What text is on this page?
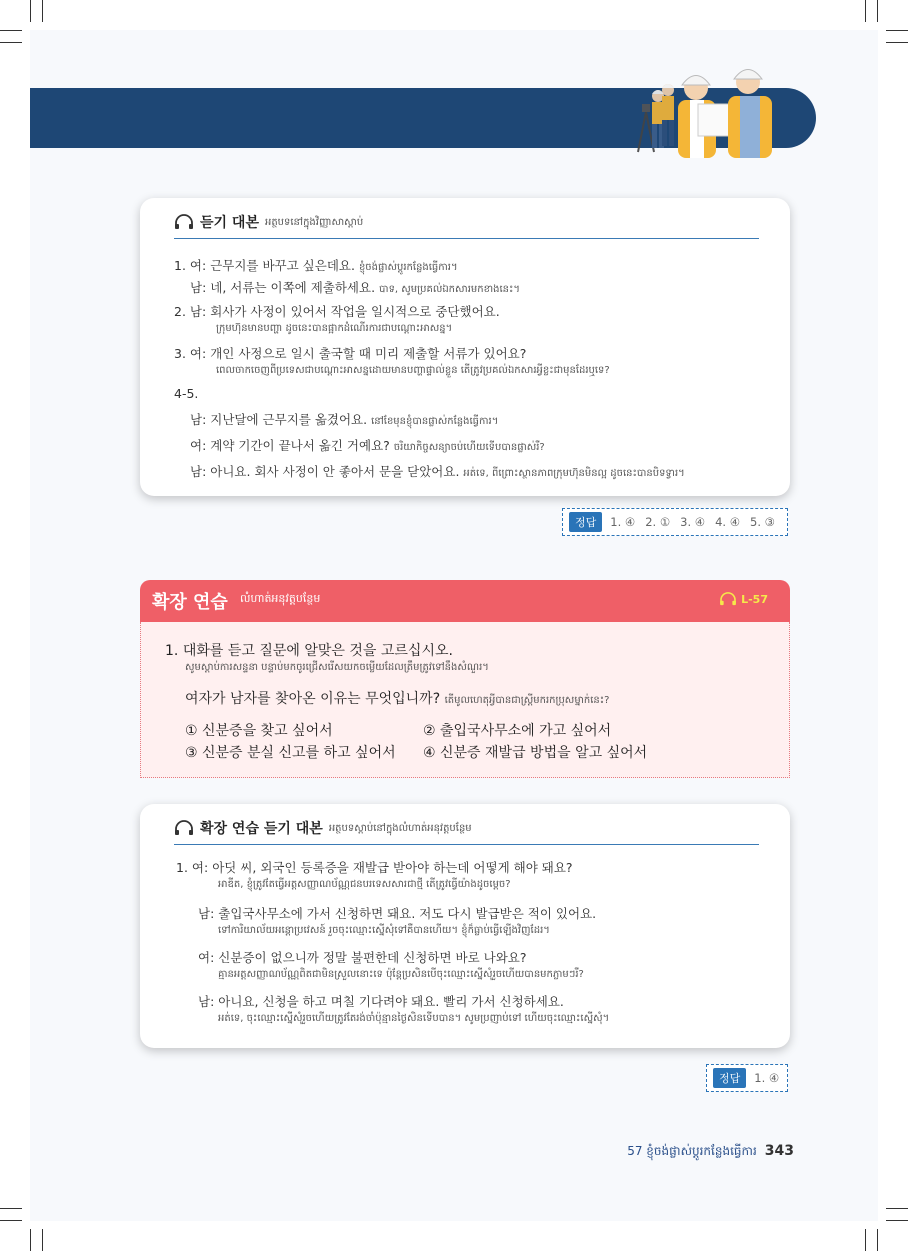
듣기 대본 អត្ថបទនៅក្នុងវិញ្ញាសាស្ដាប់
1. 여: 근무지를 바꾸고 싶은데요. ខ្ញុំចង់ផ្លាស់ប្ដូរកន្លែងធ្វើការ។
남: 네, 서류는 이쪽에 제출하세요. បាទ, សូមប្រគល់ឯកសារមកខាងនេះ។
2. 남: 회사가 사정이 있어서 작업을 일시적으로 중단했어요.
ក្រុមហ៊ុនមានបញ្ហា ដូចនេះបានផ្អាកដំណើរការជាបណ្ដោះអាសន្ន។
3. 여: 개인 사정으로 일시 출국할 때 미리 제출할 서류가 있어요?
ពេលចាកចេញពីប្រទេសជាបណ្ដោះអាសន្នដោយមានបញ្ហាផ្ទាល់ខ្លួន តើត្រូវប្រគល់ឯកសារអ្វីខ្លះជាមុនដែរឬទេ?
4-5.
남: 지난달에 근무지를 옮겼어요. នៅខែមុនខ្ញុំបានផ្លាស់កន្លែងធ្វើការ។
여: 계약 기간이 끝나서 옮긴 거예요? ចរិយាកិច្ចសន្យាចប់ហើយទើបបានផ្លាស់រឺ?
남: 아니요. 회사 사정이 안 좋아서 문을 닫았어요. អត់ទេ, ពីព្រោះស្ថានភាពក្រុមហ៊ុនមិនល្អ ដូចនេះបានបិទទ្វារ។
정답	1. ④ 2. ① 3. ④ 4. ④ 5. ③
확장 연습 លំហាត់អនុវត្តបន្ថែម	L-57
1. 대화를 듣고 질문에 알맞은 것을 고르십시오.
សូមស្ដាប់ការសន្ទនា បន្ទាប់មកចូរជ្រើសរើសយកចម្លើយដែលត្រឹមត្រូវទៅនឹងសំណួរ។
여자가 남자를 찾아온 이유는 무엇입니까? តើមូលហេតុអ្វីបានជាស្ត្រីមករកប្រុសម្នាក់នេះ?
① 신분증을 찾고 싶어서	② 출입국사무소에 가고 싶어서
③ 신분증 분실 신고를 하고 싶어서 ④ 신분증 재발급 방법을 알고 싶어서
확장 연습 듣기 대본 អត្ថបទស្ដាប់នៅក្នុងលំហាត់អនុវត្តបន្ថែម
1. 여: 아딧 씨, 외국인 등록증을 재발급 받아야 하는데 어떻게 해야 돼요?
អាឌីត, ខ្ញុំត្រូវតែធ្វើអត្តសញ្ញាណប័ណ្ណជនបរទេសសារជាថ្មី តើត្រូវធ្វើយ៉ាងដូចម្ដេច?
남: 출입국사무소에 가서 신청하면 돼요. 저도 다시 발급받은 적이 있어요.
ទៅការិយាល័យអន្តោប្រវេសន៍ រួចចុះឈ្មោះស្នើសុំទៅគឺបានហើយ។ ខ្ញុំក៏ធ្លាប់ធ្វើឡើងវិញដែរ។
여: 신분증이 없으니까 정말 불편한데 신청하면 바로 나와요?
គ្មានអត្តសញ្ញាណប័ណ្ណពិតជាមិនស្រួលនោះទេ ប៉ុន្តែប្រសិនបើចុះឈ្មោះស្នើសុំរួចហើយបានមកភ្លាមៗរឺ?
남: 아니요, 신청을 하고 며칠 기다려야 돼요. 빨리 가서 신청하세요.
អត់ទេ, ចុះឈ្មោះស្នើសុំរួចហើយត្រូវតែរង់ចាំប៉ុន្មានថ្ងៃសិនទើបបាន។ សូមប្រញាប់ទៅ ហើយចុះឈ្មោះស្នើសុំ។
정답	1. ④
57 ខ្ញុំចង់ផ្លាស់ប្ដូរកន្លែងធ្វើការ 343
